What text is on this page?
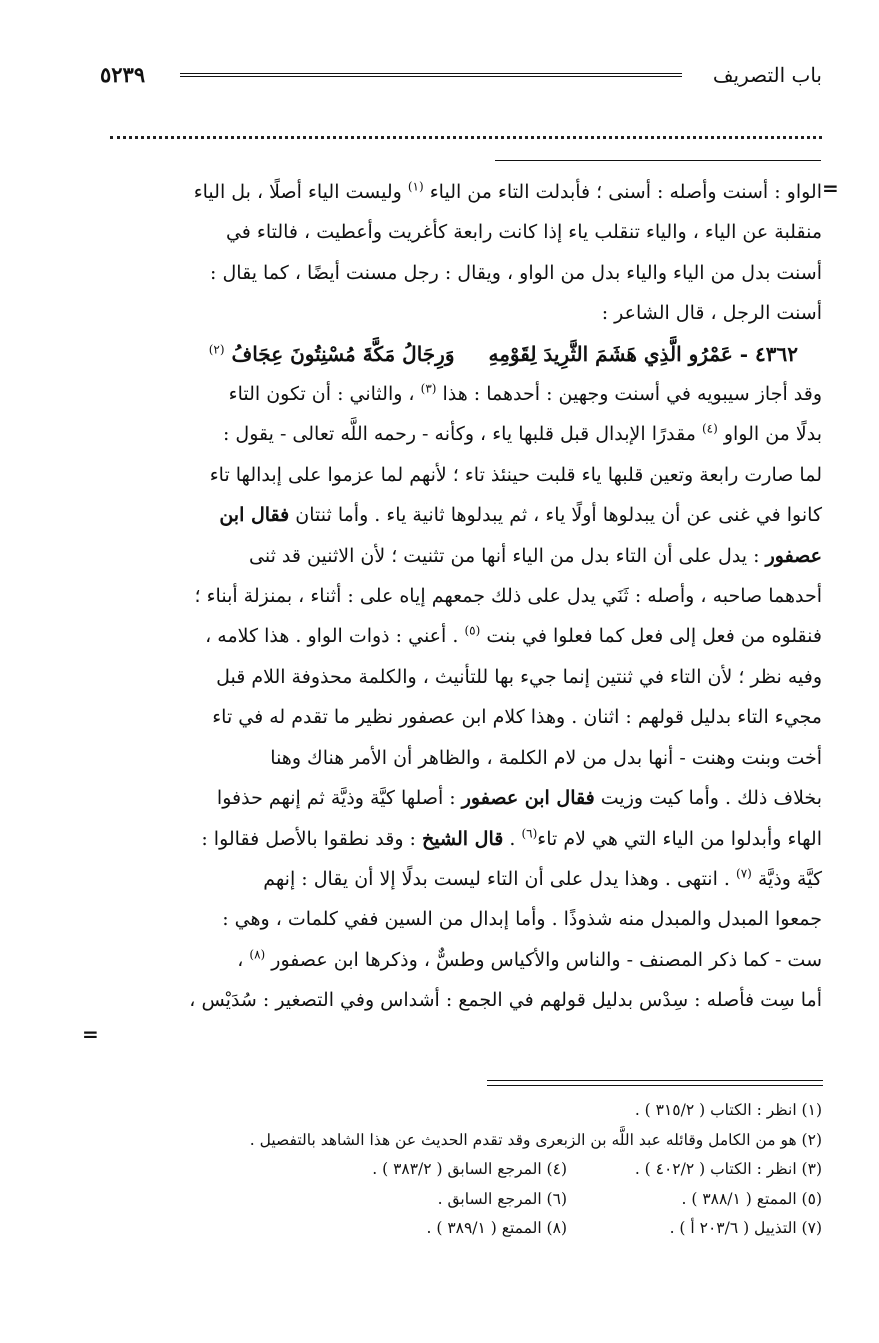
باب التصريف
٥٢٣٩
=
=

الواو : أسنت وأصله : أسنى ؛ فأبدلت التاء من الياء $^{(١)}$ وليست الياء أصلًا ، بل الياء

منقلبة عن الياء ، والياء تنقلب ياء إذا كانت رابعة كأغريت وأعطيت ، فالتاء في

أسنت بدل من الياء والياء بدل من الواو ، ويقال : رجل مسنت أيضًا ، كما يقال :

أسنت الرجل ، قال الشاعر :

٤٣٦٢ - عَمْرُو الَّذِي هَشَمَ الثَّرِيدَ لِقَوْمِهِ
وَرِجَالُ مَكَّةَ مُسْنِتُونَ عِجَافُ $^{(٢)}$

وقد أجاز سيبويه في أسنت وجهين : أحدهما : هذا $^{(٣)}$ ، والثاني : أن تكون التاء

بدلًا من الواو $^{(٤)}$ مقدرًا الإبدال قبل قلبها ياء ، وكأنه - رحمه اللَّه تعالى - يقول :

لما صارت رابعة وتعين قلبها ياء قلبت حينئذ تاء ؛ لأنهم لما عزموا على إبدالها تاء

كانوا في غنى عن أن يبدلوها أولًا ياء ، ثم يبدلوها ثانية ياء . وأما ثنتان فقال ابن

عصفور : يدل على أن التاء بدل من الياء أنها من تثنيت ؛ لأن الاثنين قد ثنى

أحدهما صاحبه ، وأصله : ثَنَي يدل على ذلك جمعهم إياه على : أثناء ، بمنزلة أبناء ؛

فنقلوه من فعل إلى فعل كما فعلوا في بنت $^{(٥)}$ . أعني : ذوات الواو . هذا كلامه ،

وفيه نظر ؛ لأن التاء في ثنتين إنما جيء بها للتأنيث ، والكلمة محذوفة اللام قبل

مجيء التاء بدليل قولهم : اثنان . وهذا كلام ابن عصفور نظير ما تقدم له في تاء

أخت وبنت وهنت - أنها بدل من لام الكلمة ، والظاهر أن الأمر هناك وهنا

بخلاف ذلك . وأما كيت وزيت فقال ابن عصفور : أصلها كيَّة وذيَّة ثم إنهم حذفوا

الهاء وأبدلوا من الياء التي هي لام تاء$^{(٦)}$ . قال الشيخ : وقد نطقوا بالأصل فقالوا :

كيَّة وذيَّة $^{(٧)}$ . انتهى . وهذا يدل على أن التاء ليست بدلًا إلا أن يقال : إنهم

جمعوا المبدل والمبدل منه شذوذًا . وأما إبدال من السين ففي كلمات ، وهي :

ست - كما ذكر المصنف - والناس والأكياس وطسٌّ ، وذكرها ابن عصفور $^{(٨)}$ ،

أما سِت فأصله : سِدْس بدليل قولهم في الجمع : أشداس وفي التصغير : سُدَيْس ،

(١) انظر : الكتاب ( ٣١٥/٢ ) .
(٢) هو من الكامل وقائله عبد اللَّه بن الزبعرى وقد تقدم الحديث عن هذا الشاهد بالتفصيل .
(٣) انظر : الكتاب ( ٤٠٢/٢ ) .
(٤) المرجع السابق ( ٣٨٣/٢ ) .
(٥) الممتع ( ٣٨٨/١ ) .
(٦) المرجع السابق .
(٧) التذييل ( ٢٠٣/٦ أ ) .
(٨) الممتع ( ٣٨٩/١ ) .
